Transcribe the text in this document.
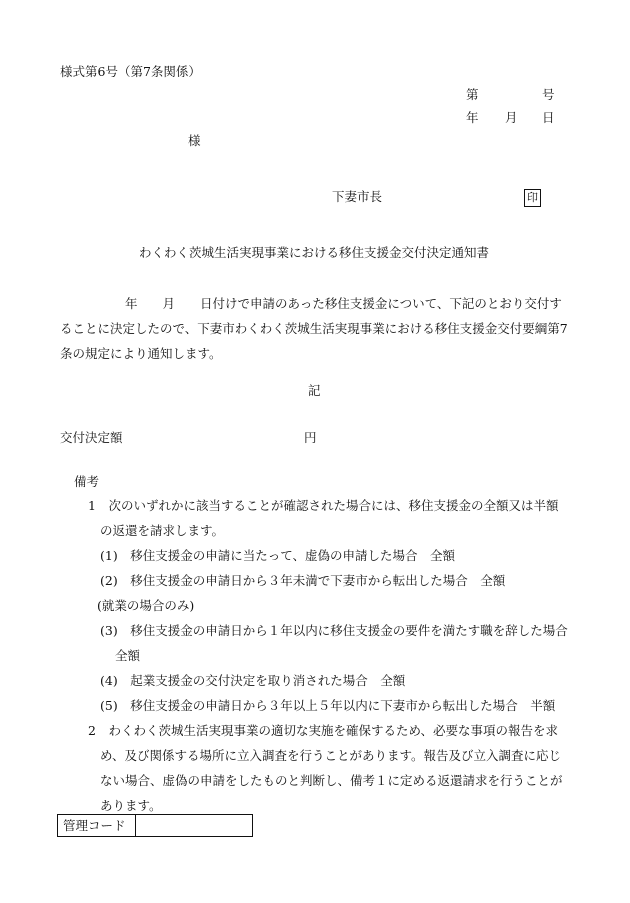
様式第6号（第7条関係）
第	号
年 月 日
様
下妻市長	印
わくわく茨城生活実現事業における移住支援金交付決定通知書
年　　月　　日付けで申請のあった移住支援金について、下記のとおり交付す
ることに決定したので、下妻市わくわく茨城生活実現事業における移住支援金交付要綱第7
条の規定により通知します。
記
交付決定額	円
備考
1　次のいずれかに該当することが確認された場合には、移住支援金の全額又は半額
の返還を請求します。
(1)　移住支援金の申請に当たって、虚偽の申請した場合　全額
(2)　移住支援金の申請日から３年未満で下妻市から転出した場合　全額
(就業の場合のみ)
(3)　移住支援金の申請日から１年以内に移住支援金の要件を満たす職を辞した場合
全額
(4)　起業支援金の交付決定を取り消された場合　全額
(5)　移住支援金の申請日から３年以上５年以内に下妻市から転出した場合　半額
2　わくわく茨城生活実現事業の適切な実施を確保するため、必要な事項の報告を求
め、及び関係する場所に立入調査を行うことがあります。報告及び立入調査に応じ
ない場合、虚偽の申請をしたものと判断し、備考１に定める返還請求を行うことが
あります。
管理コード
